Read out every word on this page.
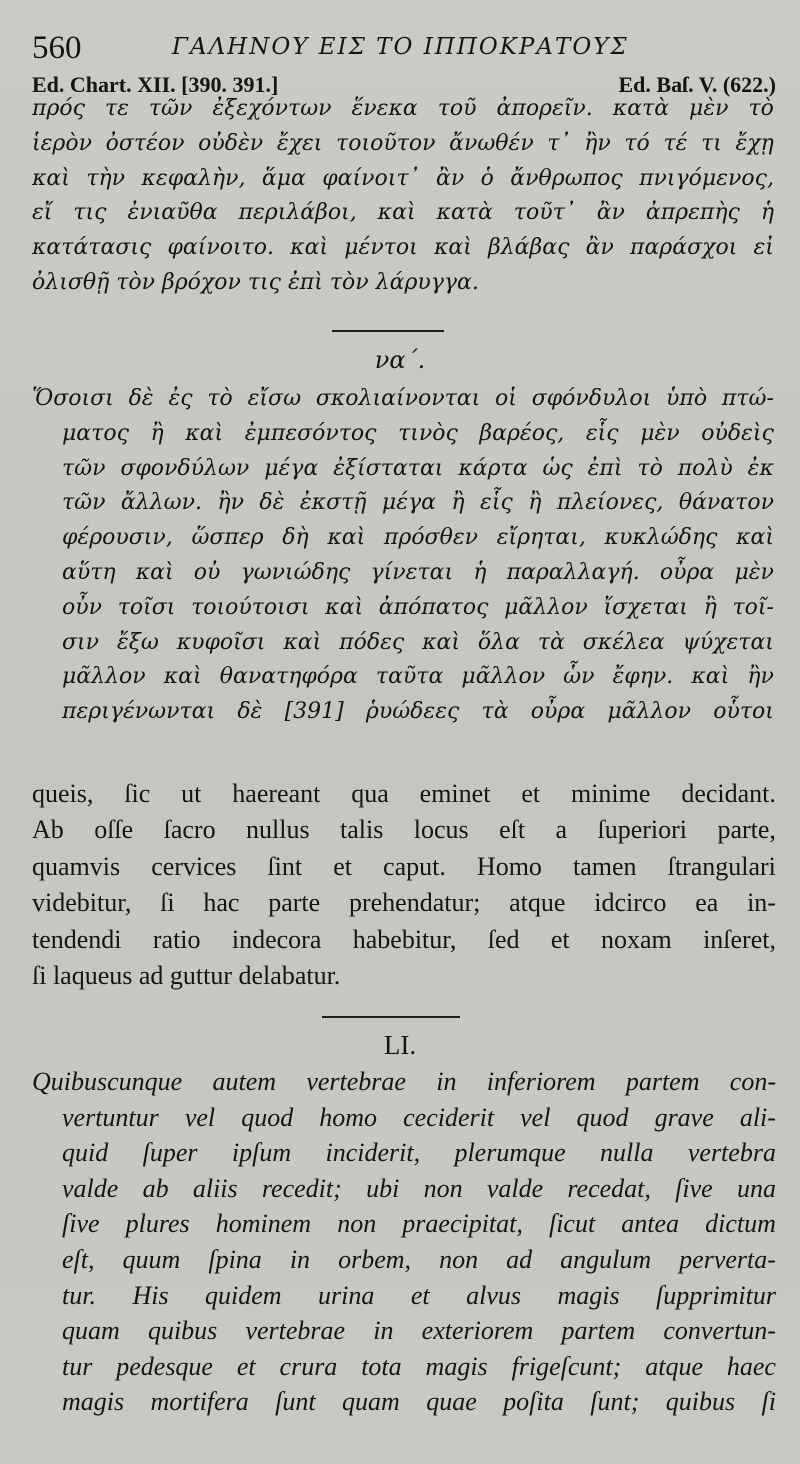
560	ΓΑΛΗΝΟΥ ΕΙΣ ΤΟ ΙΠΠΟΚΡΑΤΟΥΣ
Ed. Chart. XII. [390. 391.]	Ed. Baſ. V. (622.)
πρός τε τῶν ἐξεχόντων ἕνεκα τοῦ ἀπορεῖν. κατὰ μὲν τὸ
ἱερὸν ὀστέον οὐδὲν ἔχει τοιοῦτον ἄνωθέν τ᾽ ἢν τό τέ τι ἔχῃ
καὶ τὴν κεφαλὴν, ἅμα φαίνοιτ᾽ ἂν ὁ ἄνθρωπος πνιγόμενος,
εἴ τις ἐνιαῦθα περιλάβοι, καὶ κατὰ τοῦτ᾽ ἂν ἀπρεπὴς ἡ
κατάτασις φαίνοιτο. καὶ μέντοι καὶ βλάβας ἂν παράσχοι εἰ
ὀλισθῇ τὸν βρόχον τις ἐπὶ τὸν λάρυγγα.
να΄.
Ὅσοισι δὲ ἐς τὸ εἴσω σκολιαίνονται οἱ σφόνδυλοι ὑπὸ πτώ-
ματος ἢ καὶ ἐμπεσόντος τινὸς βαρέος, εἷς μὲν οὐδεὶς
τῶν σφονδύλων μέγα ἐξίσταται κάρτα ὡς ἐπὶ τὸ πολὺ ἐκ
τῶν ἄλλων. ἢν δὲ ἐκστῇ μέγα ἢ εἷς ἢ πλείονες, θάνατον
φέρουσιν, ὥσπερ δὴ καὶ πρόσθεν εἴρηται, κυκλώδης καὶ
αὕτη καὶ οὐ γωνιώδης γίνεται ἡ παραλλαγή. οὖρα μὲν
οὖν τοῖσι τοιούτοισι καὶ ἀπόπατος μᾶλλον ἴσχεται ἢ τοῖ-
σιν ἔξω κυφοῖσι καὶ πόδες καὶ ὅλα τὰ σκέλεα ψύχεται
μᾶλλον καὶ θανατηφόρα ταῦτα μᾶλλον ὧν ἔφην. καὶ ἢν
περιγένωνται δὲ [391] ῥυώδεες τὰ οὖρα μᾶλλον οὗτοι
queis, ſic ut haereant qua eminet et minime decidant.
Ab oſſe ſacro nullus talis locus eſt a ſuperiori parte,
quamvis cervices ſint et caput. Homo tamen ſtrangulari
videbitur, ſi hac parte prehendatur; atque idcirco ea in-
tendendi ratio indecora habebitur, ſed et noxam inſeret,
ſi laqueus ad guttur delabatur.
LI.
Quibuscunque autem vertebrae in inferiorem partem con-
vertuntur vel quod homo ceciderit vel quod grave ali-
quid ſuper ipſum inciderit, plerumque nulla vertebra
valde ab aliis recedit; ubi non valde recedat, ſive una
ſive plures hominem non praecipitat, ſicut antea dictum
eſt, quum ſpina in orbem, non ad angulum perverta-
tur. His quidem urina et alvus magis ſupprimitur
quam quibus vertebrae in exteriorem partem convertun-
tur pedesque et crura tota magis frigeſcunt; atque haec
magis mortifera ſunt quam quae poſita ſunt; quibus ſi
